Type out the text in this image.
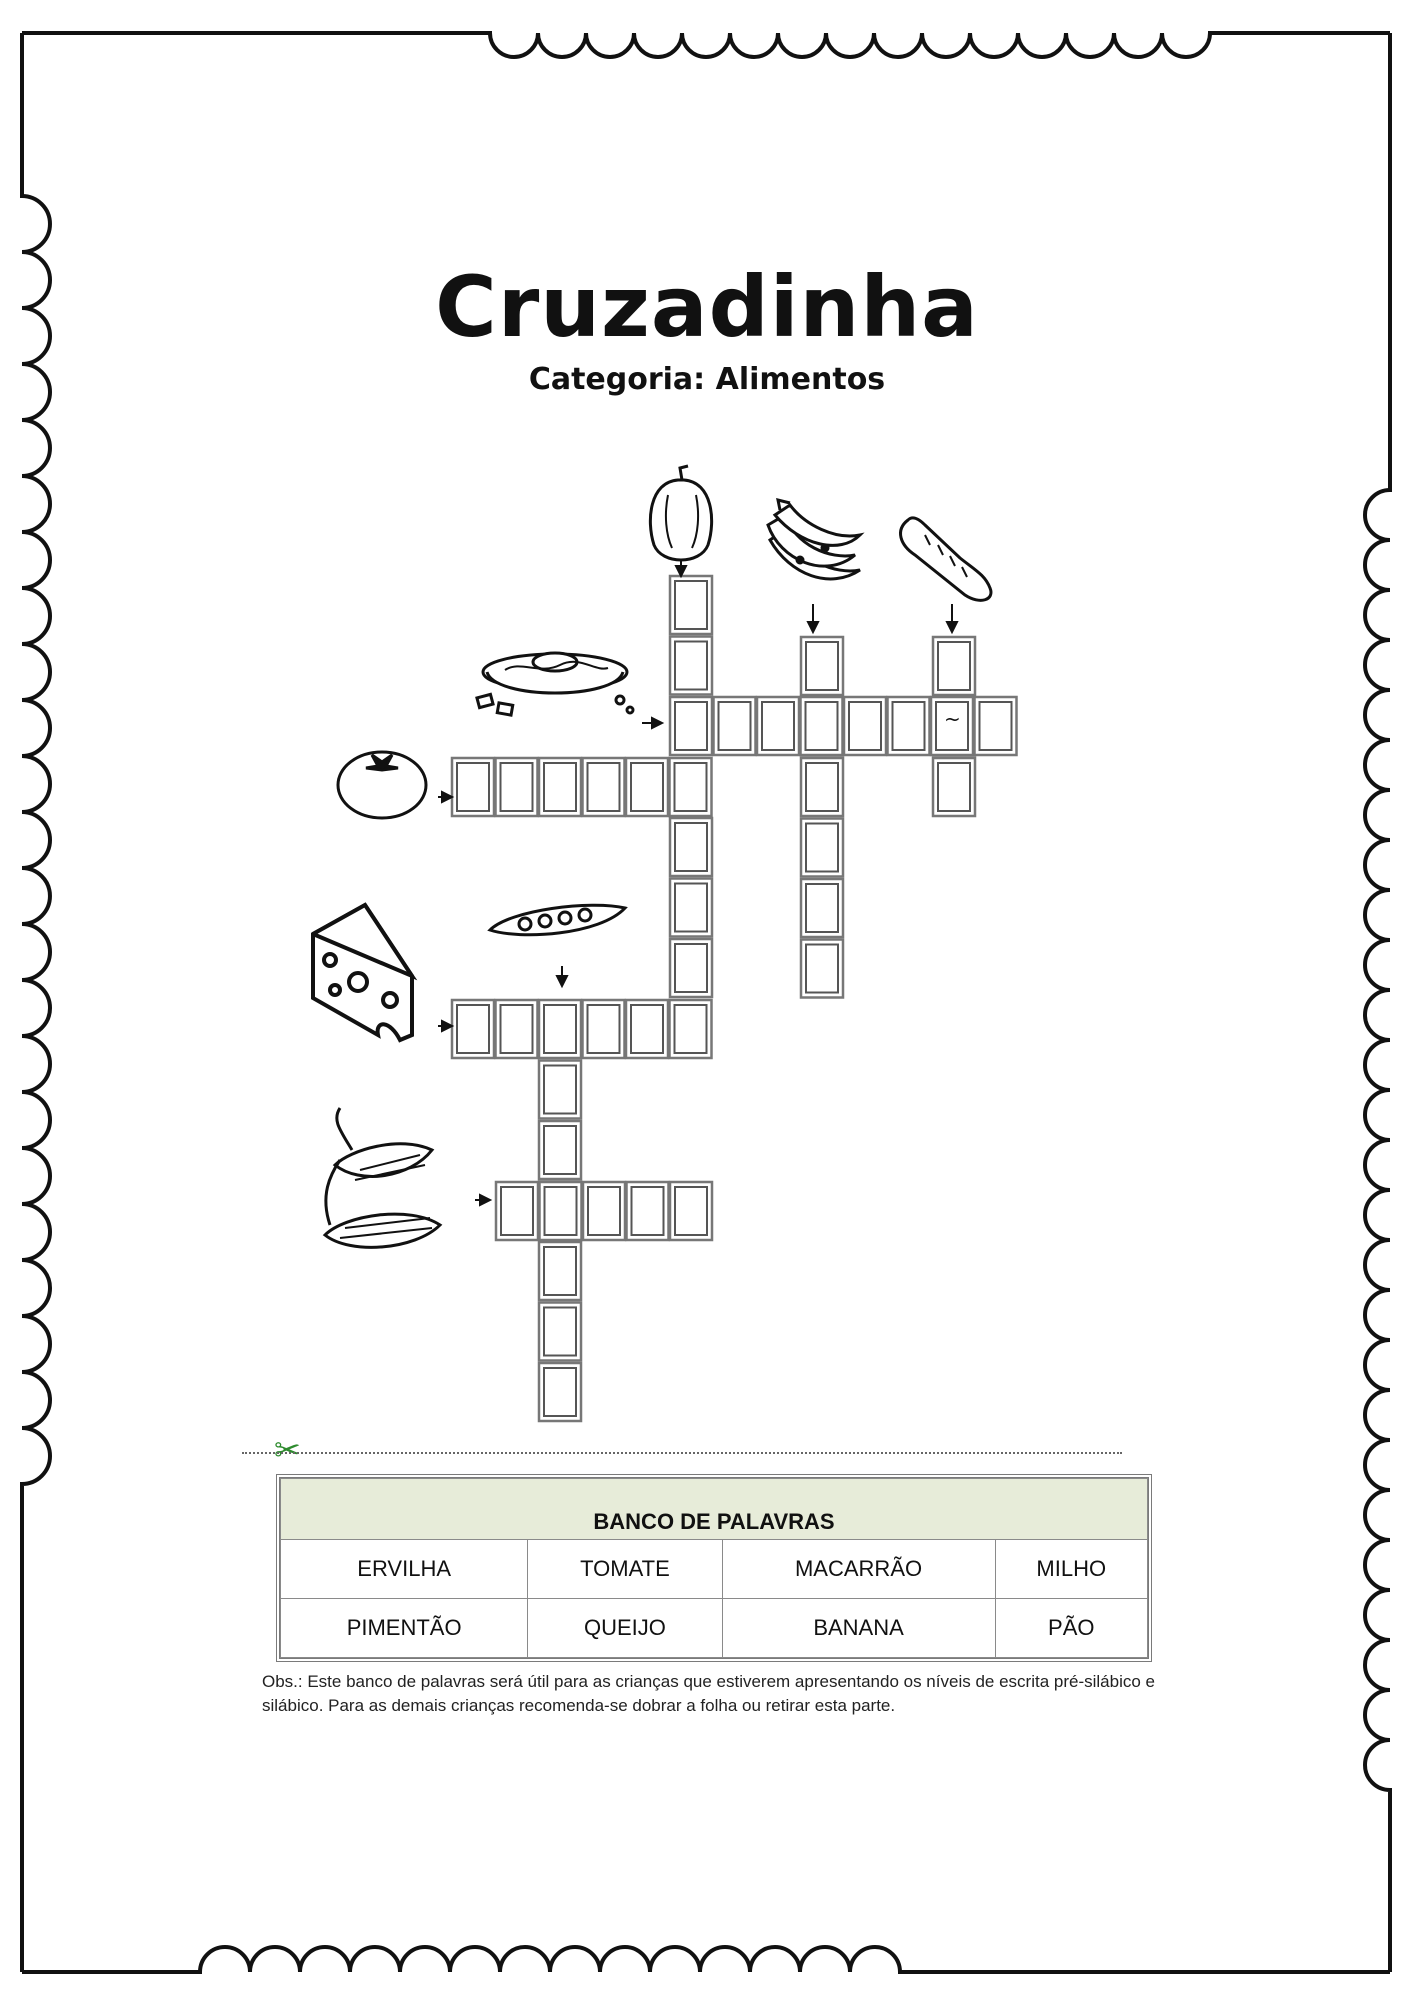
Cruzadinha

Categoria: Alimentos

~
✂
BANCO DE PALAVRAS			
ERVILHA	TOMATE	MACARRÃO	MILHO
PIMENTÃO	QUEIJO	BANANA	PÃO

Obs.: Este banco de palavras será útil para as crianças que estiverem apresentando os níveis de escrita pré-silábico e silábico. Para as demais crianças recomenda-se dobrar a folha ou retirar esta parte.
